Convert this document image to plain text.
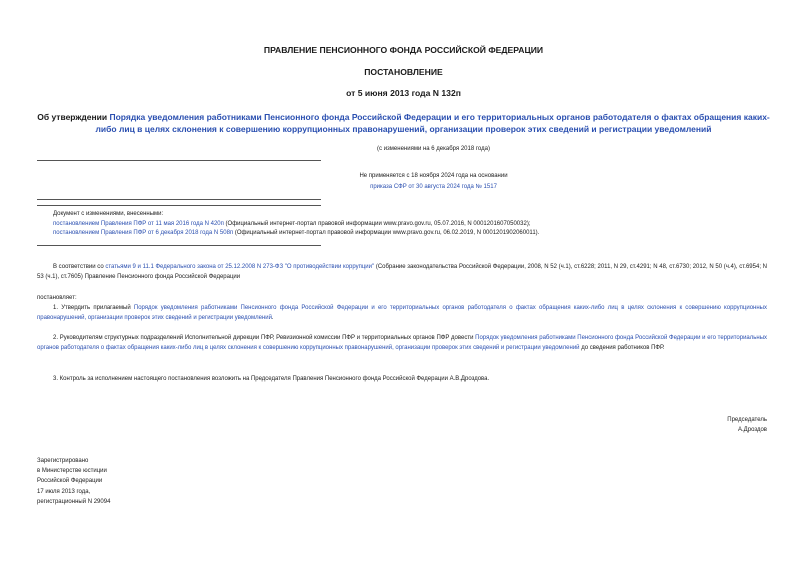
ПРАВЛЕНИЕ ПЕНСИОННОГО ФОНДА РОССИЙСКОЙ ФЕДЕРАЦИИ
ПОСТАНОВЛЕНИЕ
от 5 июня 2013 года N 132п
Об утверждении Порядка уведомления работниками Пенсионного фонда Российской Федерации и его территориальных органов работодателя о фактах обращения каких-либо лиц в целях склонения к совершению коррупционных правонарушений, организации проверок этих сведений и регистрации уведомлений
(с изменениями на 6 декабря 2018 года)
Не применяется с 18 ноября 2024 года на основании
приказа СФР от 30 августа 2024 года № 1517
Документ с изменениями, внесенными:
постановлением Правления ПФР от 11 мая 2016 года N 420п (Официальный интернет-портал правовой информации www.pravo.gov.ru, 05.07.2016, N 0001201607050032);
постановлением Правления ПФР от 6 декабря 2018 года N 508п (Официальный интернет-портал правовой информации www.pravo.gov.ru, 06.02.2019, N 0001201902060011).
В соответствии со статьями 9 и 11.1 Федерального закона от 25.12.2008 N 273-ФЗ "О противодействии коррупции" (Собрание законодательства Российской Федерации, 2008, N 52 (ч.1), ст.6228; 2011, N 29, ст.4291; N 48, ст.6730; 2012, N 50 (ч.4), ст.6954; N 53 (ч.1), ст.7605) Правление Пенсионного фонда Российской Федерации
постановляет:
1. Утвердить прилагаемый Порядок уведомления работниками Пенсионного фонда Российской Федерации и его территориальных органов работодателя о фактах обращения каких-либо лиц в целях склонения к совершению коррупционных правонарушений, организации проверок этих сведений и регистрации уведомлений.
2. Руководителям структурных подразделений Исполнительной дирекции ПФР, Ревизионной комиссии ПФР и территориальных органов ПФР довести Порядок уведомления работниками Пенсионного фонда Российской Федерации и его территориальных органов работодателя о фактах обращения каких-либо лиц в целях склонения к совершению коррупционных правонарушений, организации проверок этих сведений и регистрации уведомлений до сведения работников ПФР.
3. Контроль за исполнением настоящего постановления возложить на Председателя Правления Пенсионного фонда Российской Федерации А.В.Дроздова.
Председатель
А.Дроздов
Зарегистрировано
в Министерстве юстиции
Российской Федерации
17 июля 2013 года,
регистрационный N 29094
